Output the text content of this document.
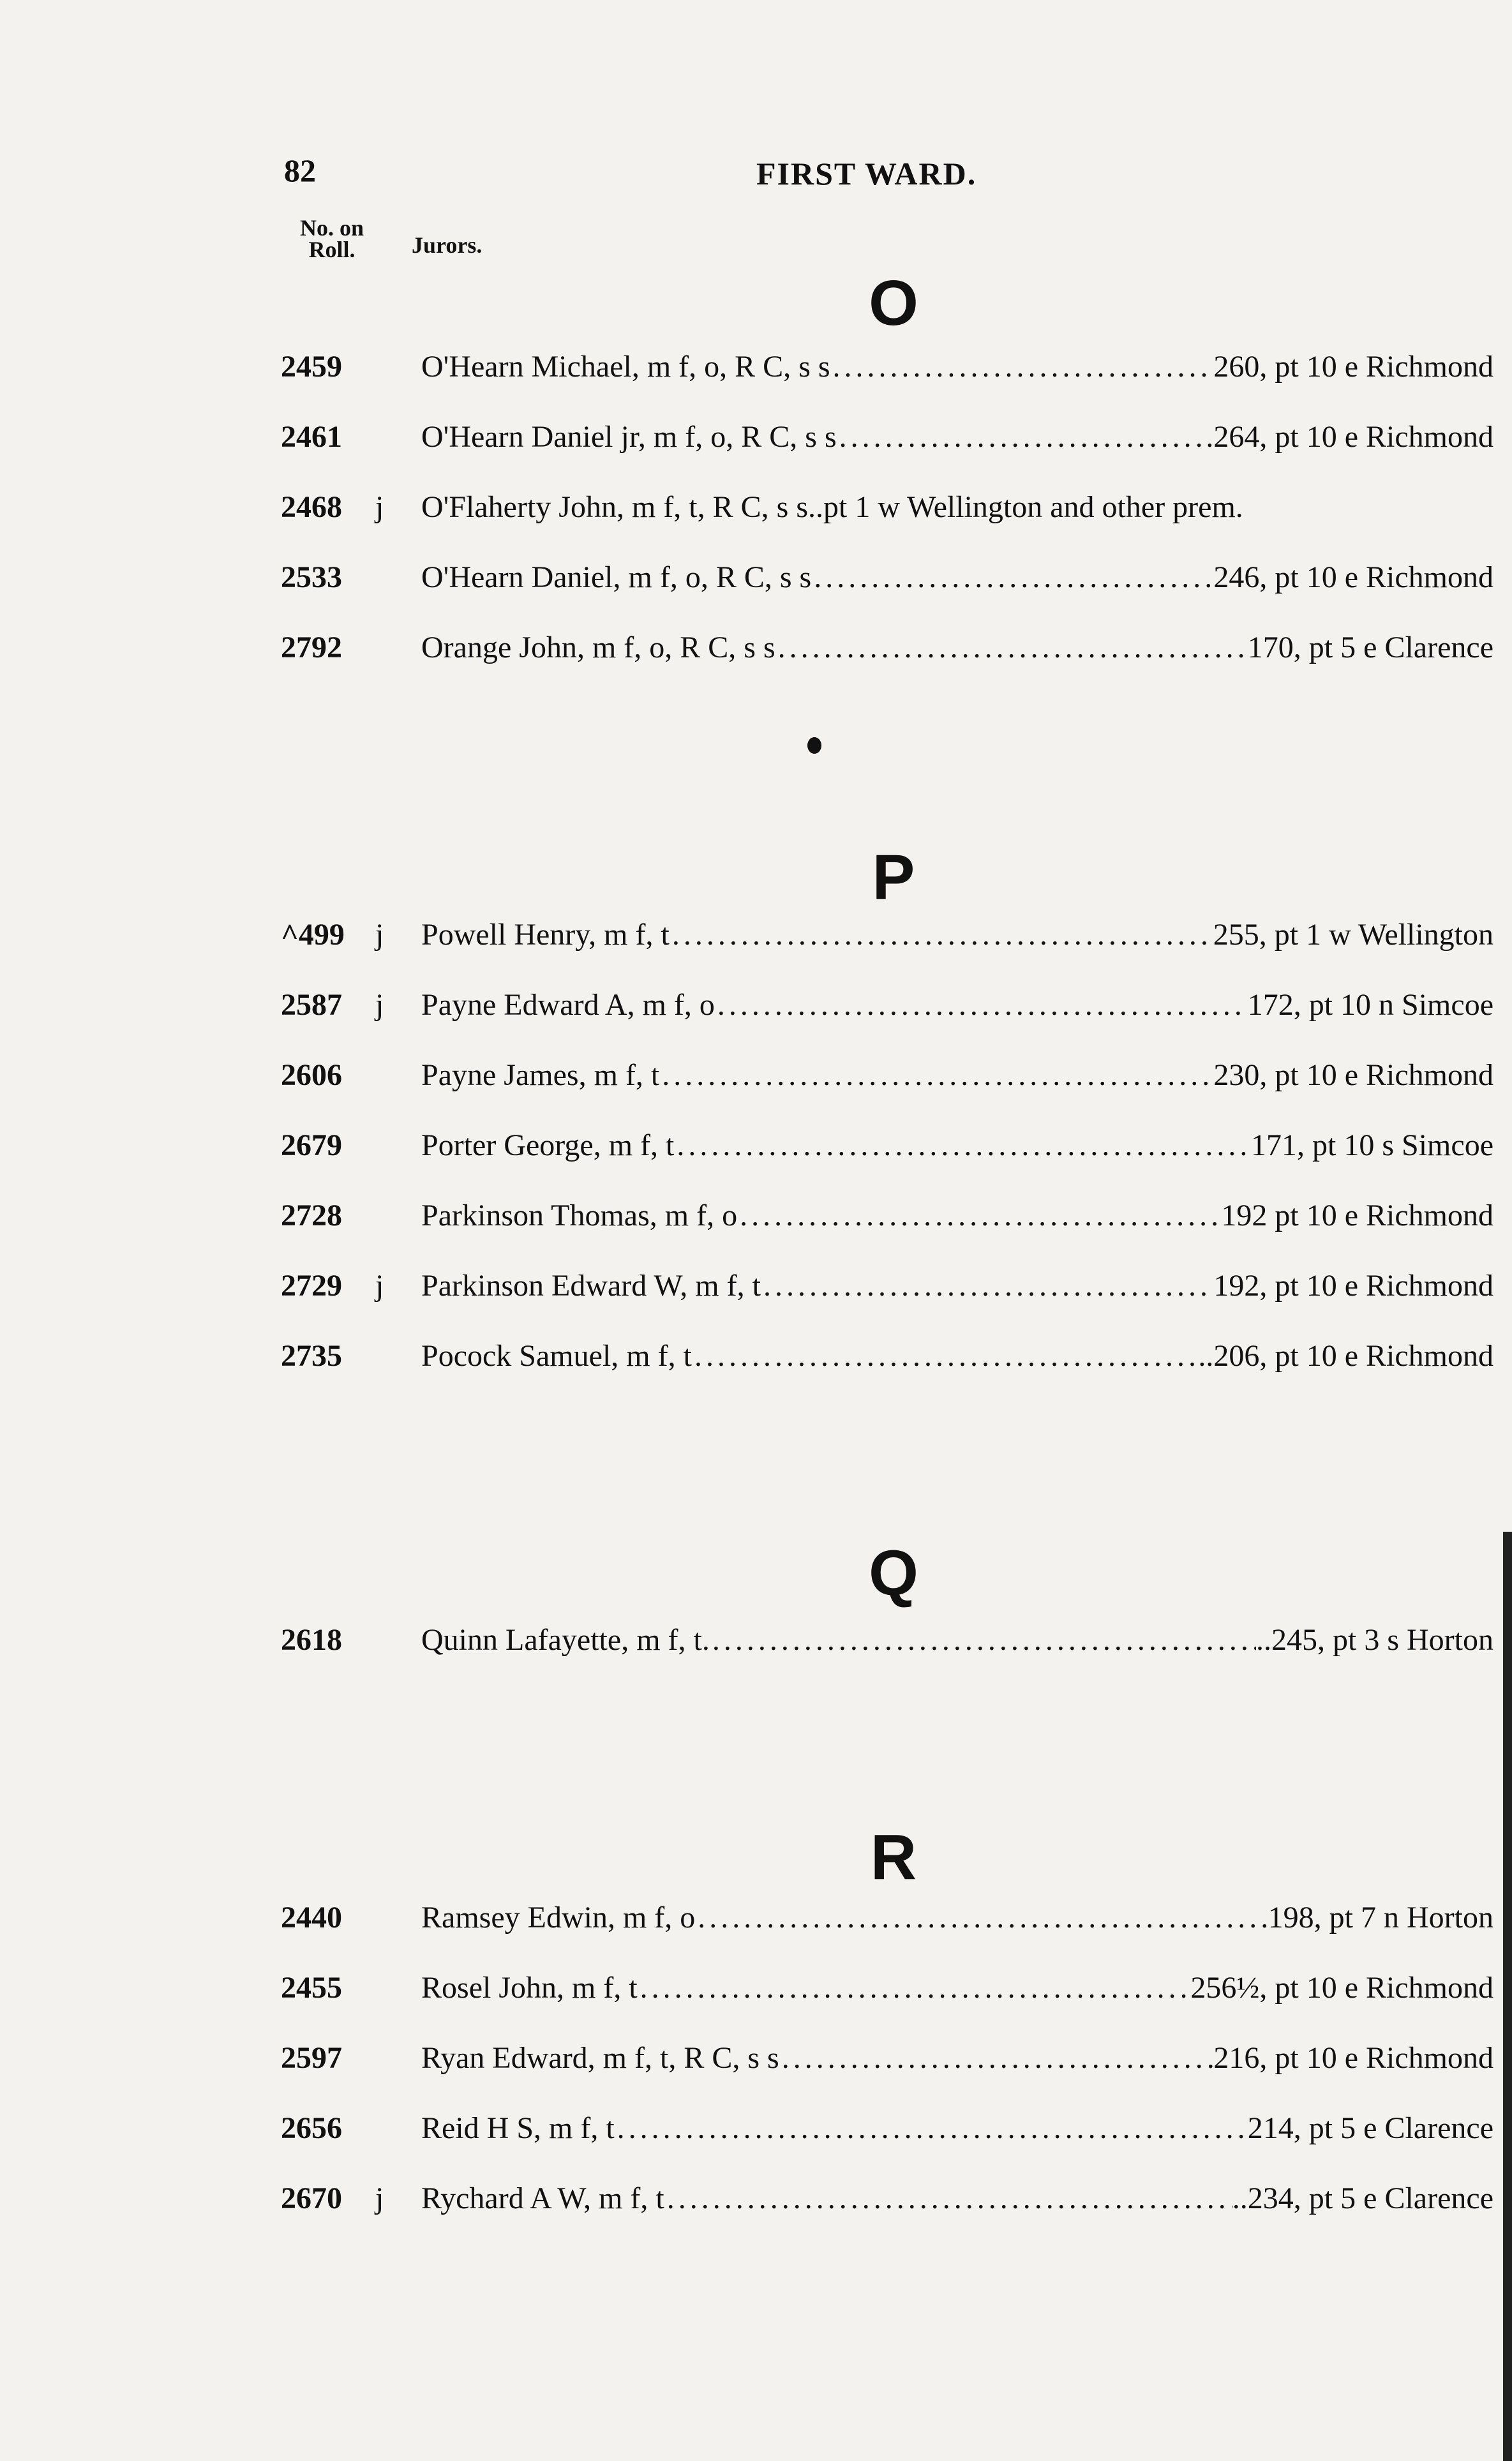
82	FIRST WARD.
No. on Roll.	Jurors.
O
2459	O'Hearn Michael, m f, o, R C, s s .....	260, pt 10 e Richmond
2461	O'Hearn Daniel jr, m f, o, R C, s s .....	.264, pt 10 e Richmond
2468	j	O'Flaherty John, m f, t, R C, s s..pt 1 w Wellington and other prem.
2533	O'Hearn Daniel, m f, o, R C, s s .....	246, pt 10 e Richmond
2792	Orange John, m f, o, R C, s s .....	170, pt 5 e Clarence
P
^499	j	Powell Henry, m f, t .....	255, pt 1 w Wellington
2587	j	Payne Edward A, m f, o .....	172, pt 10 n Simcoe
2606	Payne James, m f, t .....	230, pt 10 e Richmond
2679	Porter George, m f, t .....	171, pt 10 s Simcoe
2728	Parkinson Thomas, m f, o .....	192 pt 10 e Richmond
2729	j	Parkinson Edward W, m f, t .....	192, pt 10 e Richmond
2735	Pocock Samuel, m f, t .....	..206, pt 10 e Richmond
Q
2618	Quinn Lafayette, m f, t. .....	..245, pt 3 s Horton
R
2440	Ramsey Edwin, m f, o .....	198, pt 7 n Horton
2455	Rosel John, m f, t .....	256½, pt 10 e Richmond
2597	Ryan Edward, m f, t, R C, s s .....	216, pt 10 e Richmond
2656	Reid H S, m f, t .....	214, pt 5 e Clarence
2670	j	Rychard A W, m f, t .....	..234, pt 5 e Clarence
